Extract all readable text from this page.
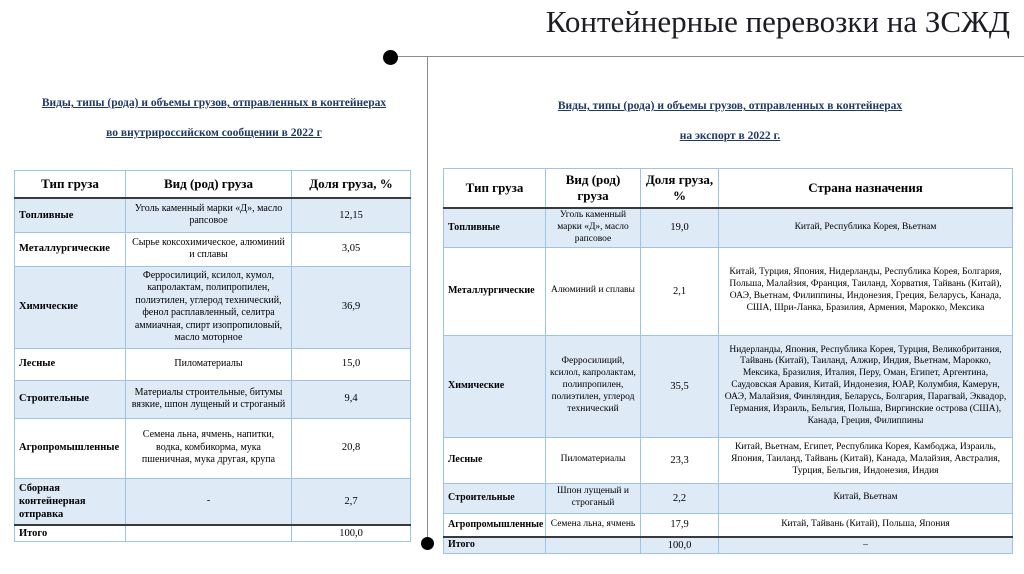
Контейнерные перевозки на ЗСЖД
Виды, типы (рода) и объемы грузов, отправленных в контейнерах
во внутрироссийском сообщении в 2022 г
Виды, типы (рода) и объемы грузов, отправленных в контейнерах
на экспорт в 2022 г.
Тип груза	Вид (род) груза	Доля груза, %
Топливные	Уголь каменный марки «Д», масло рапсовое	12,15
Металлургические	Сырье коксохимическое, алюминий и сплавы	3,05
Химические	Ферросилиций, ксилол, кумол, капролактам, полипропилен, полиэтилен, углерод технический, фенол расплавленный, селитра аммиачная, спирт изопропиловый, масло моторное	36,9
Лесные	Пиломатериалы	15,0
Строительные	Материалы строительные, битумы вязкие, шпон лущеный и строганый	9,4
Агропромышленные	Семена льна, ячмень, напитки, водка, комбикорма, мука пшеничная, мука другая, крупа	20,8
Сборная контейнерная отправка	-	2,7
Итого		100,0
Тип груза	Вид (род) груза	Доля груза, %	Страна назначения
Топливные	Уголь каменный марки «Д», масло рапсовое	19,0	Китай, Республика Корея, Вьетнам
Металлургические	Алюминий и сплавы	2,1	Китай, Турция, Япония, Нидерланды, Республика Корея, Болгария, Польша, Малайзия, Франция, Таиланд, Хорватия, Тайвань (Китай), ОАЭ, Вьетнам, Филиппины, Индонезия, Греция, Беларусь, Канада, США, Шри-Ланка, Бразилия, Армения, Марокко, Мексика
Химические	Ферросилиций, ксилол, капролактам, полипропилен, полиэтилен, углерод технический	35,5	Нидерланды, Япония, Республика Корея, Турция, Великобритания, Тайвань (Китай), Таиланд, Алжир, Индия, Вьетнам, Марокко, Мексика, Бразилия, Италия, Перу, Оман, Египет, Аргентина, Саудовская Аравия, Китай, Индонезия, ЮАР, Колумбия, Камерун, ОАЭ, Малайзия, Финляндия, Беларусь, Болгария, Парагвай, Эквадор, Германия, Израиль, Бельгия, Польша, Виргинские острова (США), Канада, Греция, Филиппины
Лесные	Пиломатериалы	23,3	Китай, Вьетнам, Египет, Республика Корея, Камбоджа, Израиль, Япония, Таиланд, Тайвань (Китай), Канада, Малайзия, Австралия, Турция, Бельгия, Индонезия, Индия
Строительные	Шпон лущеный и строганый	2,2	Китай, Вьетнам
Агропромышленные	Семена льна, ячмень	17,9	Китай, Тайвань (Китай), Польша, Япония
Итого		100,0	–
